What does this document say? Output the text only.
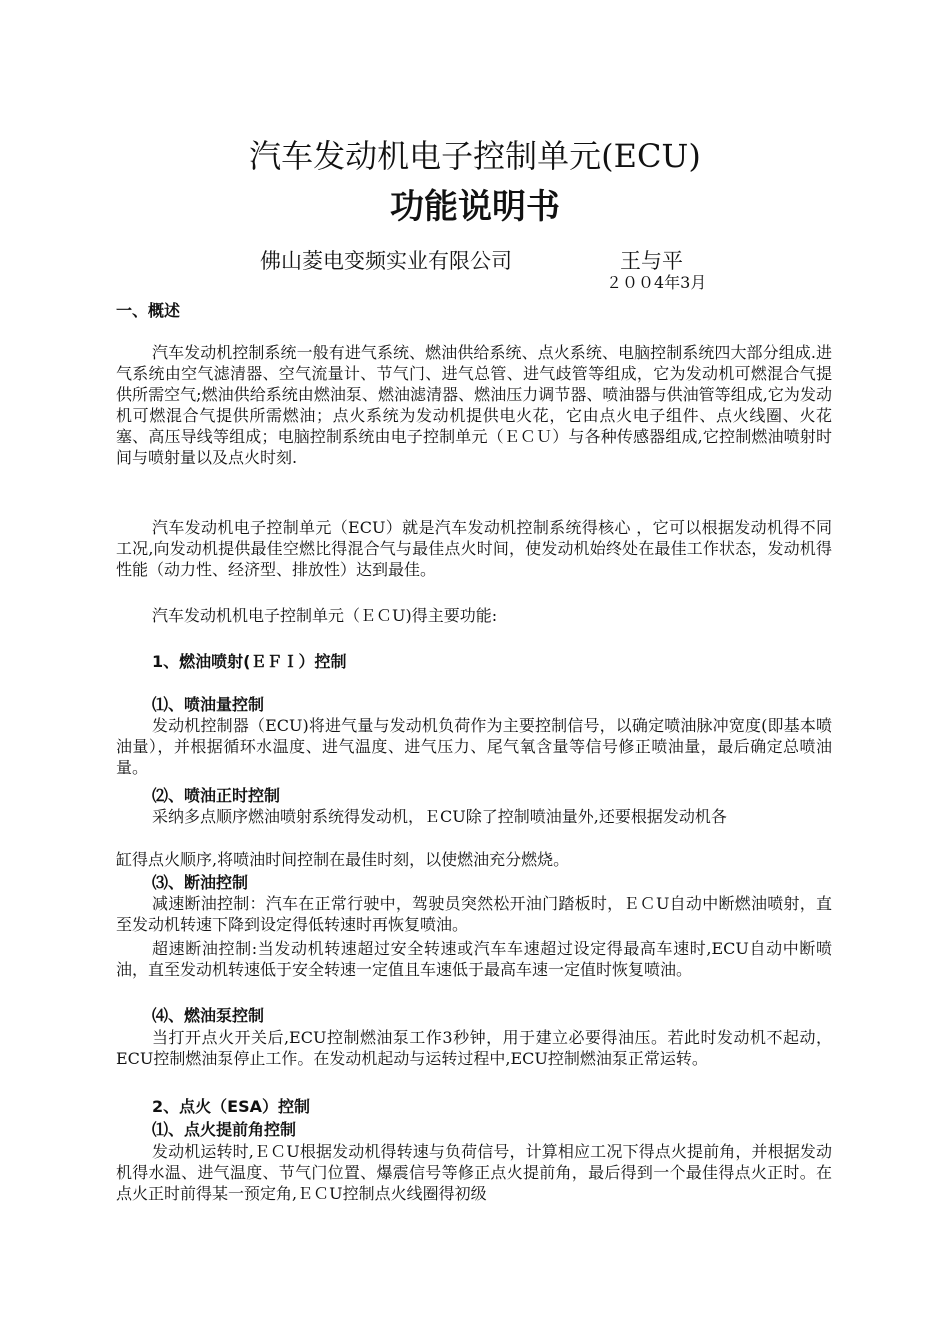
汽车发动机电子控制单元(ECU)
功能说明书
佛山菱电变频实业有限公司	王与平
２００4年3月
一、概述
汽车发动机控制系统一般有进气系统、燃油供给系统、点火系统、电脑控制系统四大部分组成.进气系统由空气滤清器、空气流量计、节气门、进气总管、进气歧管等组成，它为发动机可燃混合气提供所需空气;燃油供给系统由燃油泵、燃油滤清器、燃油压力调节器、喷油器与供油管等组成,它为发动机可燃混合气提供所需燃油；点火系统为发动机提供电火花，它由点火电子组件、点火线圈、火花塞、高压导线等组成；电脑控制系统由电子控制单元（ＥＣＵ）与各种传感器组成,它控制燃油喷射时间与喷射量以及点火时刻.
汽车发动机电子控制单元（ECU）就是汽车发动机控制系统得核心 ，它可以根据发动机得不同工况,向发动机提供最佳空燃比得混合气与最佳点火时间，使发动机始终处在最佳工作状态，发动机得性能（动力性、经济型、排放性）达到最佳。
汽车发动机机电子控制单元（ＥＣU)得主要功能:
1、燃油喷射(ＥＦＩ）控制
⑴、喷油量控制
发动机控制器（ECU)将进气量与发动机负荷作为主要控制信号，以确定喷油脉冲宽度(即基本喷油量），并根据循环水温度、进气温度、进气压力、尾气氧含量等信号修正喷油量，最后确定总喷油量。
⑵、喷油正时控制
采纳多点顺序燃油喷射系统得发动机，ＥCU除了控制喷油量外,还要根据发动机各
缸得点火顺序,将喷油时间控制在最佳时刻，以使燃油充分燃烧。
⑶、断油控制
减速断油控制：汽车在正常行驶中，驾驶员突然松开油门踏板时，ＥＣU自动中断燃油喷射，直至发动机转速下降到设定得低转速时再恢复喷油。
超速断油控制:当发动机转速超过安全转速或汽车车速超过设定得最高车速时,ECU自动中断喷油，直至发动机转速低于安全转速一定值且车速低于最高车速一定值时恢复喷油。
⑷、燃油泵控制
当打开点火开关后,ECU控制燃油泵工作3秒钟，用于建立必要得油压。若此时发动机不起动，ECU控制燃油泵停止工作。在发动机起动与运转过程中,ECU控制燃油泵正常运转。
2、点火（ESA）控制
⑴、点火提前角控制
发动机运转时,ＥＣU根据发动机得转速与负荷信号，计算相应工况下得点火提前角，并根据发动机得水温、进气温度、节气门位置、爆震信号等修正点火提前角，最后得到一个最佳得点火正时。在点火正时前得某一预定角,ＥＣU控制点火线圈得初级
